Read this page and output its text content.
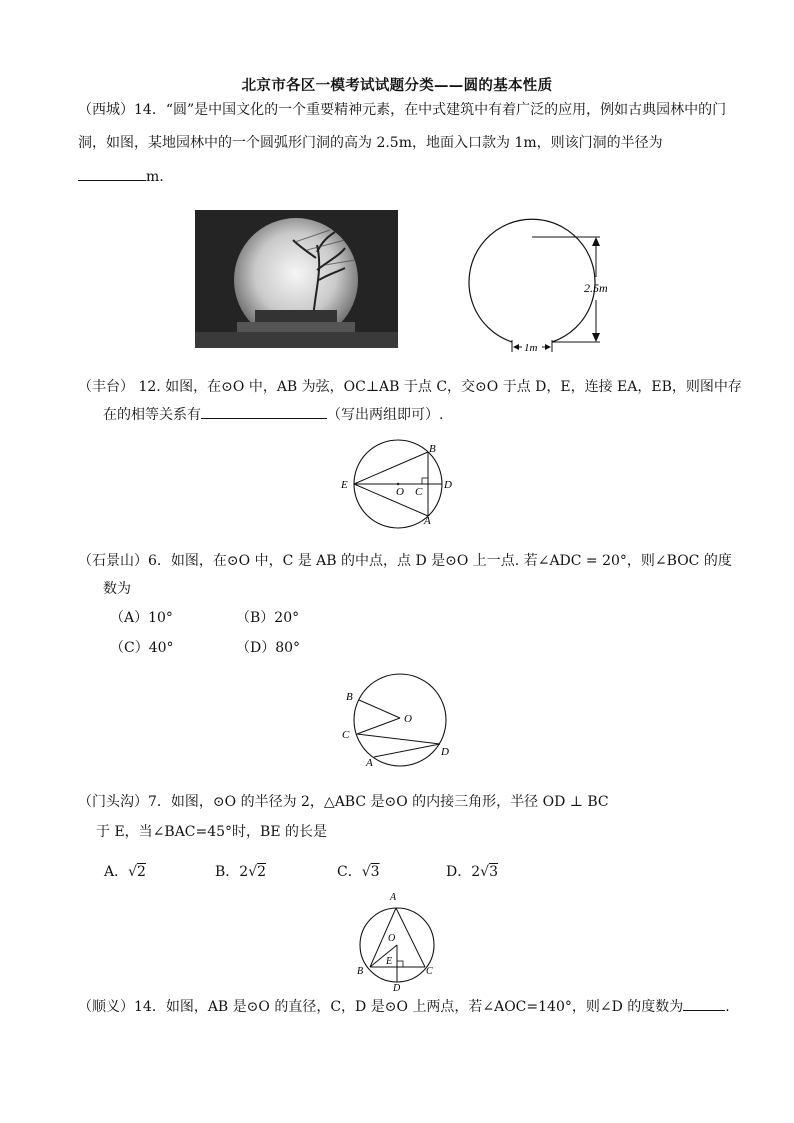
北京市各区一模考试试题分类——圆的基本性质
（西城）14．“圆”是中国文化的一个重要精神元素，在中式建筑中有着广泛的应用，例如古典园林中的门
洞，如图，某地园林中的一个圆弧形门洞的高为 2.5m，地面入口款为 1m，则该门洞的半径为
m.
2.5m
1m
（丰台） 12. 如图，在⊙O 中，AB 为弦，OC⊥AB 于点 C，交⊙O 于点 D，E，连接 EA，EB，则图中存
在的相等关系有	（写出两组即可）.
B
E
O C
D
A
（石景山）6．如图，在⊙O 中，C 是 AB 的中点，点 D 是⊙O 上一点. 若∠ADC = 20°，则∠BOC 的度
数为
（A）10°	（B）20°
（C）40°	（D）80°
B
O
C
D
A
（门头沟）7．如图，⊙O 的半径为 2，△ABC 是⊙O 的内接三角形，半径 OD ⊥ BC
于 E，当∠BAC=45°时，BE 的长是
A．√2	B．2√2	C．√3	D．2√3
A
O
E
B	C
D
（顺义）14．如图，AB 是⊙O 的直径，C，D 是⊙O 上两点，若∠AOC=140°，则∠D 的度数为	.
